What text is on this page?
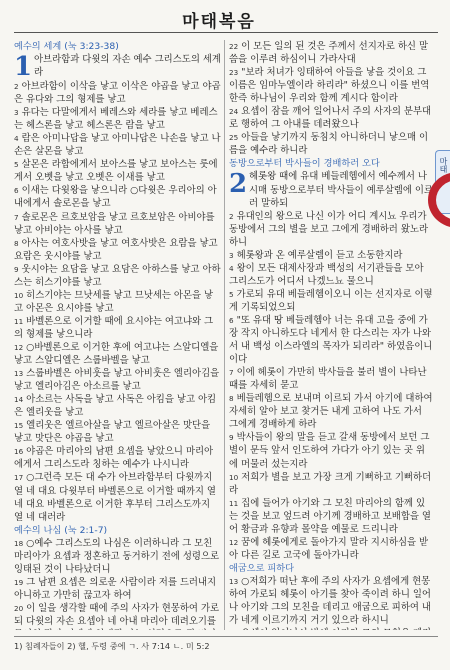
마태복음
예수의 세계 (눅 3:23-38)
1 아브라함과 다윗의 자손 예수 그리스도의 세계라

2 아브라함이 이삭을 낳고 이삭은 야곱을 낳고 야곱은 유다와 그의 형제를 낳고

3 유다는 다말에게서 베레스와 세라를 낳고 베레스는 헤스론을 낳고 헤스론은 람을 낳고

4 람은 아미나답을 낳고 아미나답은 나손을 낳고 나손은 살몬을 낳고

5 살몬은 라합에게서 보아스를 낳고 보아스는 룻에게서 오벳을 낳고 오벳은 이새를 낳고

6 이새는 다윗왕을 낳으니라 ○다윗은 우리아의 아내에게서 솔로몬을 낳고

7 솔로몬은 르호보암을 낳고 르호보암은 아비야를 낳고 아비야는 아사를 낳고

8 아사는 여호사밧을 낳고 여호사밧은 요람을 낳고 요람은 웃시야를 낳고

9 웃시야는 요담을 낳고 요담은 아하스를 낳고 아하스는 히스기야를 낳고

10 히스기야는 므낫세를 낳고 므낫세는 아몬을 낳고 아몬은 요시야를 낳고

11 바벨론으로 이거할 때에 요시야는 여고냐와 그의 형제를 낳으니라

12 ○바벨론으로 이거한 후에 여고냐는 스알디엘을 낳고 스알디엘은 스룹바벨을 낳고

13 스룹바벨은 아비훗을 낳고 아비훗은 엘리아김을 낳고 엘리아김은 아소르를 낳고

14 아소르는 사독을 낳고 사독은 아킴을 낳고 아킴은 엘리웃을 낳고

15 엘리웃은 엘르아살을 낳고 엘르아살은 맛단을 낳고 맛단은 야곱을 낳고

16 야곱은 마리아의 남편 요셉을 낳았으니 마리아에게서 그리스도라 칭하는 예수가 나시니라

17 ○그런즉 모든 대 수가 아브라함부터 다윗까지 열 네 대요 다윗부터 바벨론으로 이거할 때까지 열 네 대요 바벨론으로 이거한 후부터 그리스도까지 열 네 대러라

예수의 나심 (눅 2:1-7)

18 ○예수 그리스도의 나심은 이러하니라 그 모친 마리아가 요셉과 정혼하고 동거하기 전에 성령으로 잉태된 것이 나타났더니

19 그 남편 요셉은 의로운 사람이라 저를 드러내지 아니하고 가만히 끊고자 하여

20 이 일을 생각할 때에 주의 사자가 현몽하여 가로되 다윗의 자손 요셉아 네 아내 마리아 데려오기를

22 이 모든 일의 된 것은 주께서 선지자로 하신 말씀을 이루려 하심이니 가라사대

23 "보라 처녀가 잉태하여 아들을 낳을 것이요 그 이름은 임마누엘이라 하리라" 하셨으니 이를 번역한즉 하나님이 우리와 함께 계시다 함이라

24 요셉이 잠을 깨어 일어나서 주의 사자의 분부대로 행하여 그 아내를 데려왔으나

25 아들을 낳기까지 동침치 아니하더니 낳으매 이름을 예수라 하니라

동방으로부터 박사들이 경배하러 오다
2 헤롯왕 때에 유대 베들레헴에서 예수께서 나시매 동방으로부터 박사들이 예루살렘에 이르러 말하되

2 유대인의 왕으로 나신 이가 어디 계시뇨 우리가 동방에서 그의 별을 보고 그에게 경배하러 왔노라 하니

3 헤롯왕과 온 예루살렘이 듣고 소동한지라

4 왕이 모든 대제사장과 백성의 서기관들을 모아 그리스도가 어디서 나겠느뇨 물으니

5 가로되 유대 베들레헴이오니 이는 선지자로 이렇게 기록되었으되

6 "또 유대 땅 베들레헴아 너는 유대 고을 중에 가장 작지 아니하도다 네게서 한 다스리는 자가 나와서 내 백성 이스라엘의 목자가 되리라" 하였음이니이다

7 이에 헤롯이 가만히 박사들을 불러 별이 나타난 때를 자세히 묻고

8 베들레헴으로 보내며 이르되 가서 아기에 대하여 자세히 알아 보고 찾거든 내게 고하여 나도 가서 그에게 경배하게 하라

9 박사들이 왕의 말을 듣고 갈새 동방에서 보던 그 별이 문득 앞서 인도하여 가다가 아기 있는 곳 위에 머물러 섰는지라

10 저희가 별을 보고 가장 크게 기뻐하고 기뻐하더라

11 집에 들어가 아기와 그 모친 마리아의 함께 있는 것을 보고 엎드려 아기께 경배하고 보배합을 열어 황금과 유향과 몰약을 예물로 드리니라

12 꿈에 헤롯에게로 돌아가지 말라 지시하심을 받아 다른 길로 고국에 돌아가니라

애굽으로 피하다

13 ○저희가 떠난 후에 주의 사자가 요셉에게 현몽하여 가로되 헤롯이 아기를 찾아 죽이려 하니 일어나 아기와 그의 모친을 데리고 애굽으로 피하여 내가 네게 이르기까지 거기 있으라 하시니

마태
1) 침례자들이 2) 헬, 두령 중에 ㄱ. 사 7:14 ㄴ. 미 5:2
